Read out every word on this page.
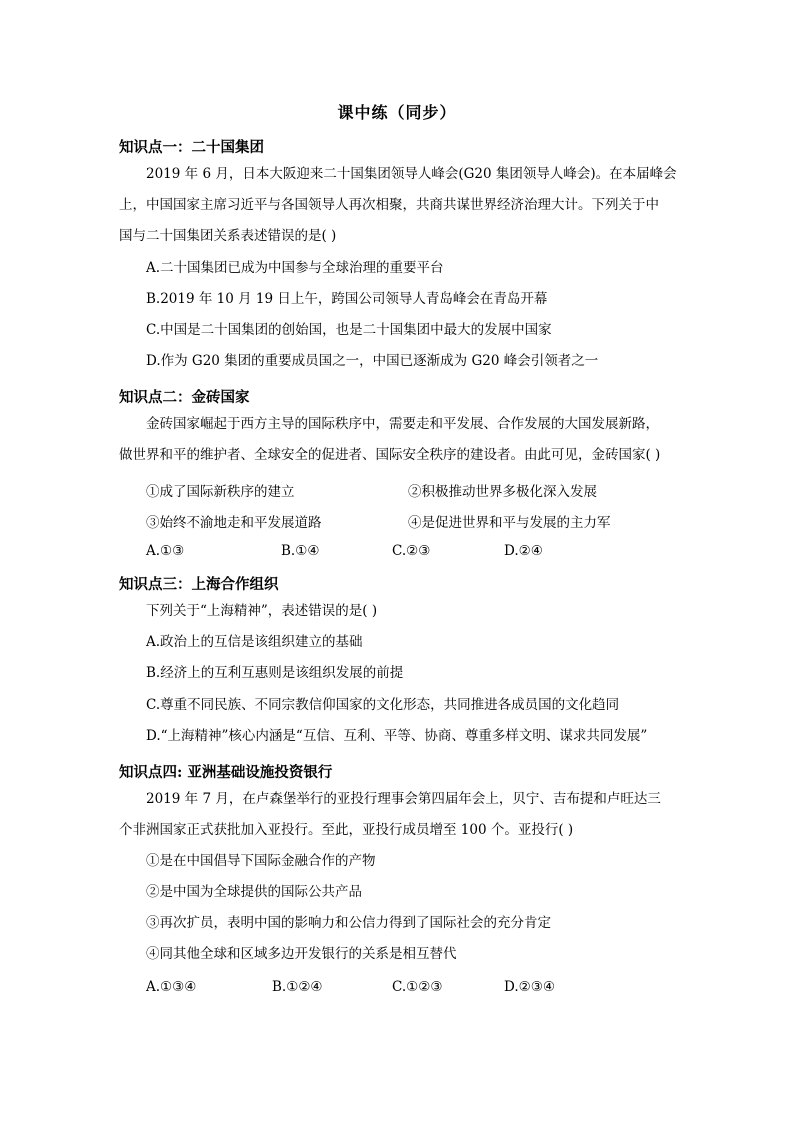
课中练（同步）
知识点一：二十国集团
2019 年 6 月，日本大阪迎来二十国集团领导人峰会(G20 集团领导人峰会)。在本届峰会
上，中国国家主席习近平与各国领导人再次相聚，共商共谋世界经济治理大计。下列关于中
国与二十国集团关系表述错误的是( )
A.二十国集团已成为中国参与全球治理的重要平台
B.2019 年 10 月 19 日上午，跨国公司领导人青岛峰会在青岛开幕
C.中国是二十国集团的创始国，也是二十国集团中最大的发展中国家
D.作为 G20 集团的重要成员国之一，中国已逐渐成为 G20 峰会引领者之一
知识点二：金砖国家
金砖国家崛起于西方主导的国际秩序中，需要走和平发展、合作发展的大国发展新路，
做世界和平的维护者、全球安全的促进者、国际安全秩序的建设者。由此可见，金砖国家( )
①成了国际新秩序的建立	②积极推动世界多极化深入发展
③始终不渝地走和平发展道路	④是促进世界和平与发展的主力军
A.①③	B.①④	C.②③	D.②④
知识点三：上海合作组织
下列关于“上海精神”，表述错误的是( )
A.政治上的互信是该组织建立的基础
B.经济上的互利互惠则是该组织发展的前提
C.尊重不同民族、不同宗教信仰国家的文化形态，共同推进各成员国的文化趋同
D.“上海精神”核心内涵是“互信、互利、平等、协商、尊重多样文明、谋求共同发展”
知识点四: 亚洲基础设施投资银行
2019 年 7 月，在卢森堡举行的亚投行理事会第四届年会上，贝宁、吉布提和卢旺达三
个非洲国家正式获批加入亚投行。至此，亚投行成员增至 100 个。亚投行( )
①是在中国倡导下国际金融合作的产物
②是中国为全球提供的国际公共产品
③再次扩员，表明中国的影响力和公信力得到了国际社会的充分肯定
④同其他全球和区域多边开发银行的关系是相互替代
A.①③④	B.①②④	C.①②③	D.②③④
